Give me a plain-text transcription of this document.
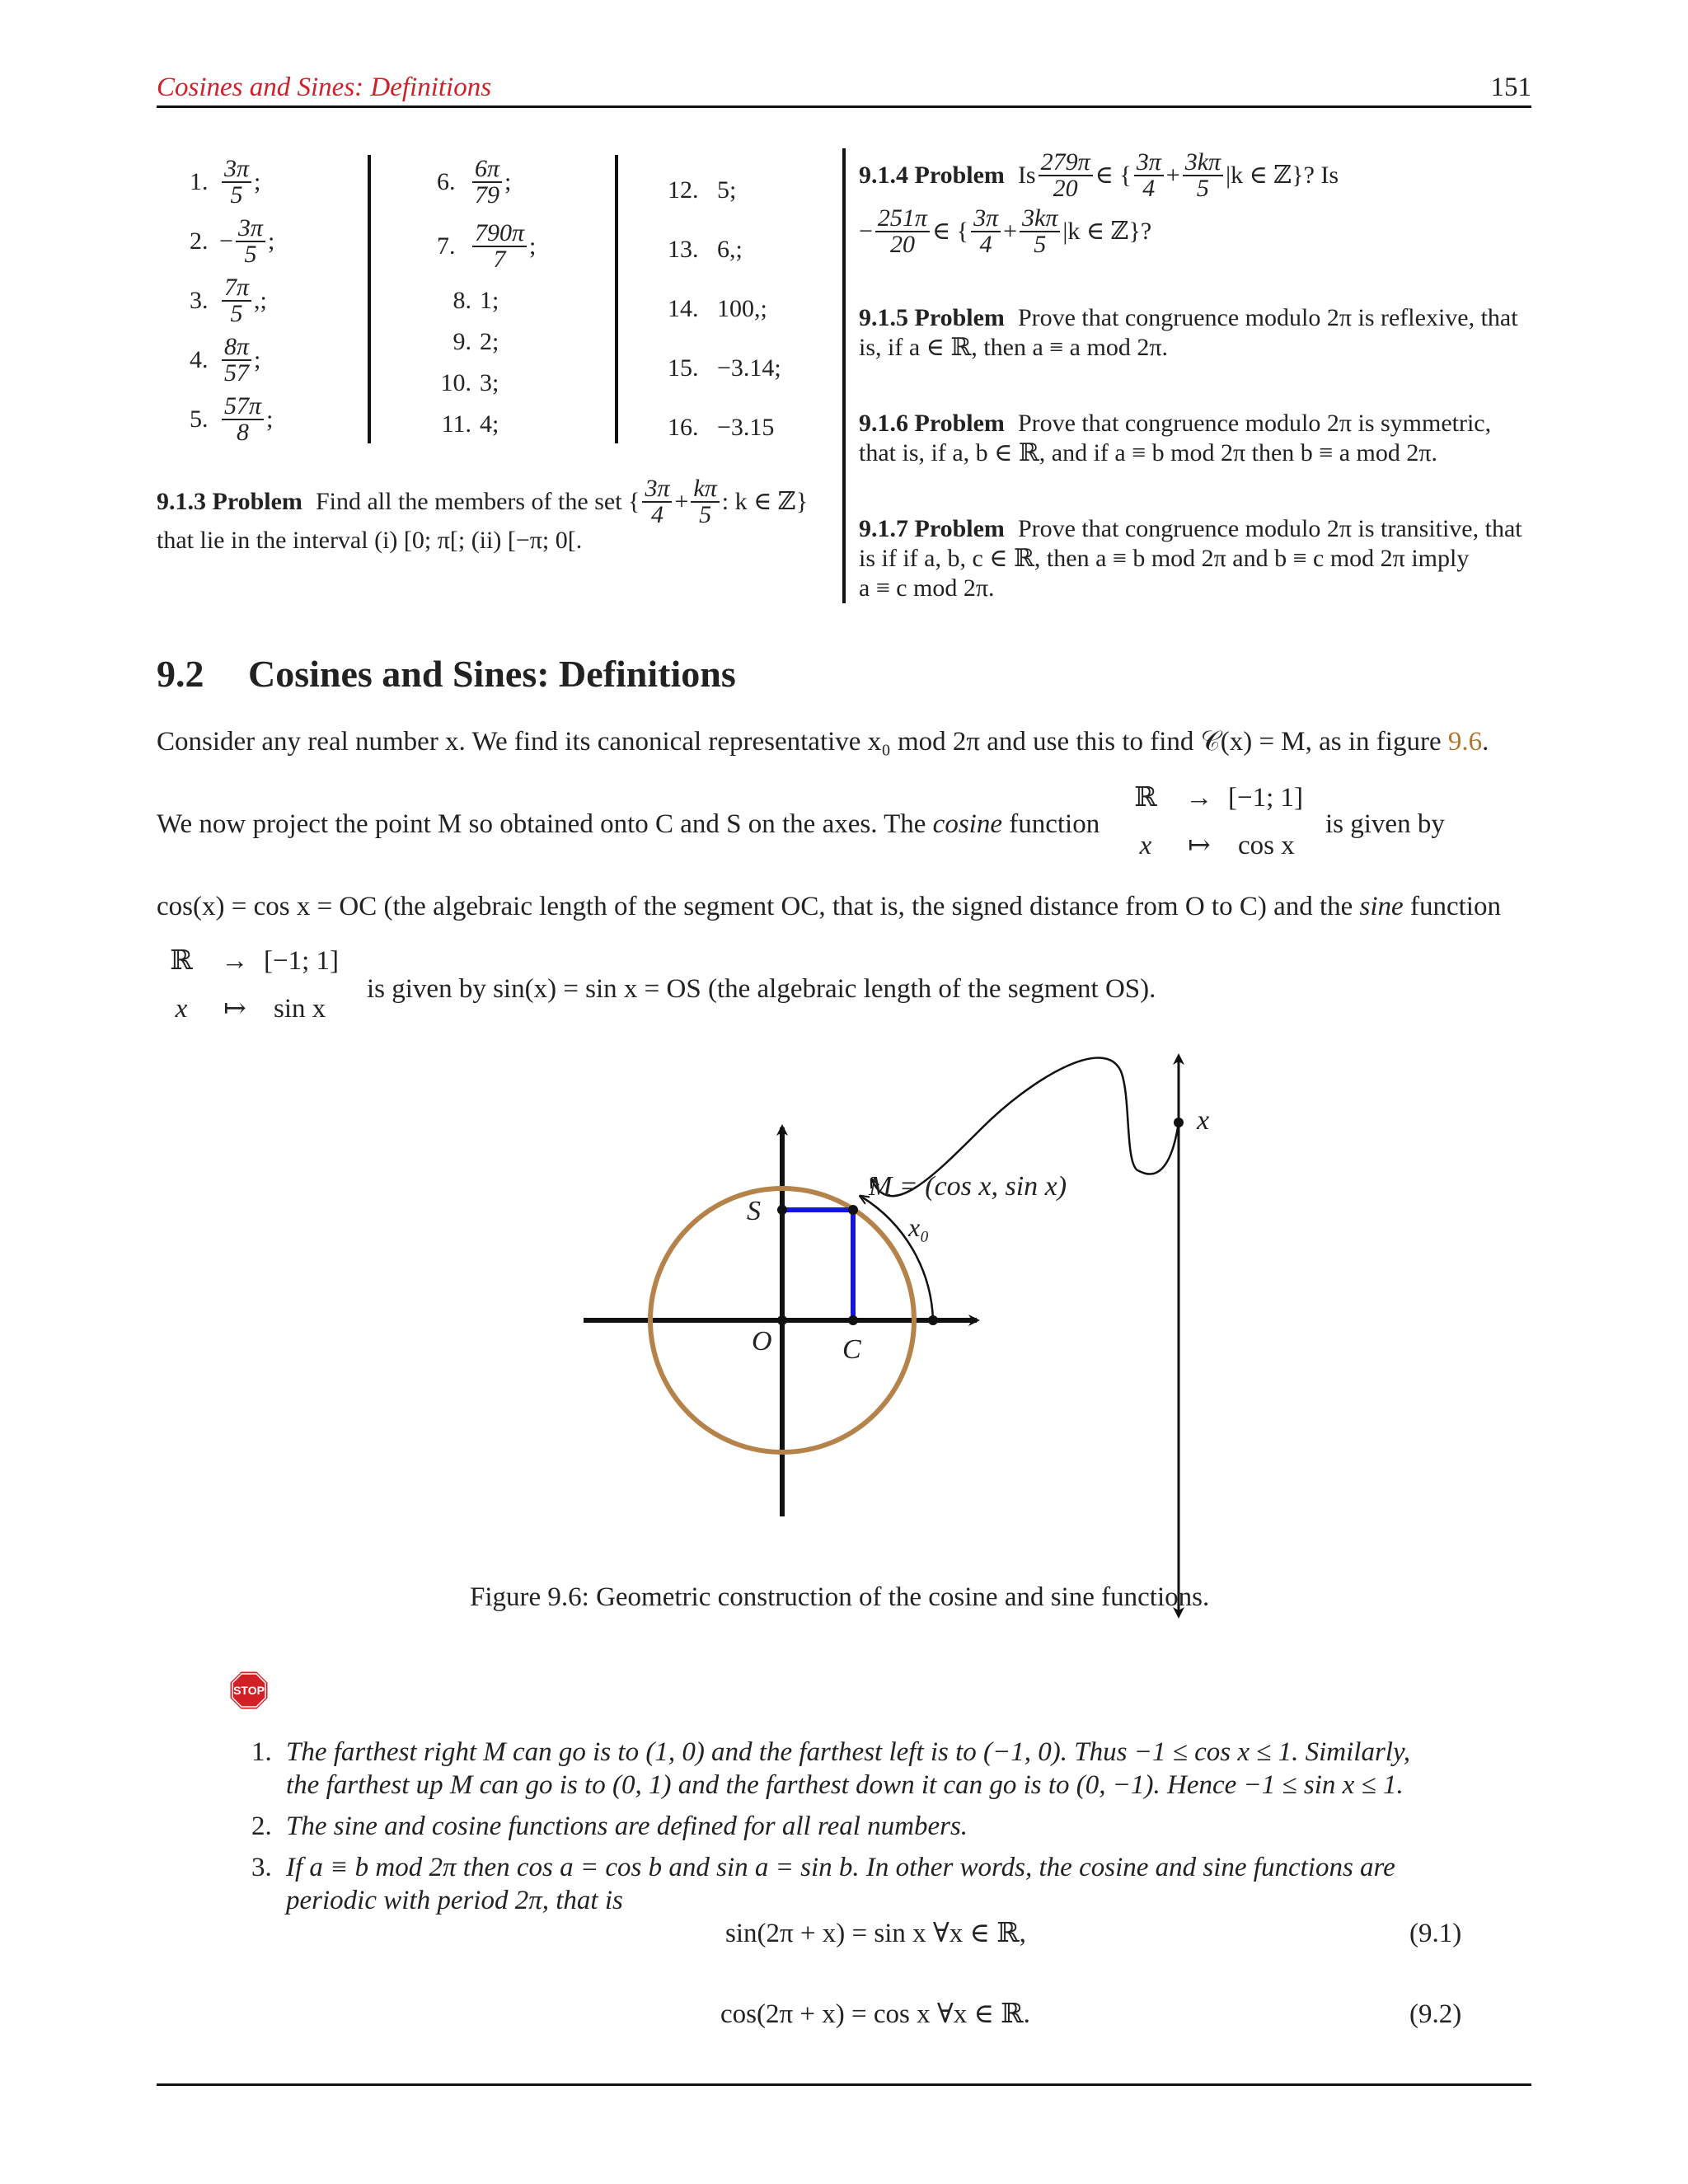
Cosines and Sines: Definitions	151
1. $\frac{3\pi}{5}$ ;
2. − $\frac{3\pi}{5}$ ;
3. $\frac{7\pi}{5}$ ,;
4. $\frac{8\pi}{57}$ ;
5. $\frac{57\pi}{8}$ ;
6. $\frac{6\pi}{79}$ ;
7. $\frac{790\pi}{7}$ ;
8. 1;
9. 2;
10. 3;
11. 4;
12. 5;
13. 6,;
14. 100,;
15. −3.14;
16. −3.15
9.1.3 Problem Find all the members of the set { $\frac{3\pi}{4} + \frac{k\pi}{5}$ : k ∈ ℤ}
that lie in the interval (i) [0; π[; (ii) [−π; 0[.
9.1.4 Problem Is $\frac{279\pi}{20}$ ∈ { $\frac{3\pi}{4} + \frac{3k\pi}{5} |k$ ∈ ℤ}? Is
− $\frac{251\pi}{20}$ ∈ { $\frac{3\pi}{4} + \frac{3k\pi}{5} |k$ ∈ ℤ}?
9.1.5 Problem Prove that congruence modulo 2π is reflexive, that
is, if a ∈ ℝ, then a ≡ a mod 2π.
9.1.6 Problem Prove that congruence modulo 2π is symmetric,
that is, if a, b ∈ ℝ, and if a ≡ b mod 2π then b ≡ a mod 2π.
9.1.7 Problem Prove that congruence modulo 2π is transitive, that
is if if a, b, c ∈ ℝ, then a ≡ b mod 2π and b ≡ c mod 2π imply
a ≡ c mod 2π.
9.2 Cosines and Sines: Definitions
Consider any real number x. We find its canonical representative x₀ mod 2π and use this to find 𝒞(x) = M, as in figure 9.6.
ℝ	→ [−1; 1]
x	↦	cos x
We now project the point M so obtained onto C and S on the axes. The cosine function	is given by
cos(x) = cos x = OC (the algebraic length of the segment OC, that is, the signed distance from O to C) and the sine function
ℝ	→ [−1; 1]
x	↦	sin x
is given by sin(x) = sin x = OS (the algebraic length of the segment OS).
S
O	C
M = (cos x, sin x)
x₀
x
Figure 9.6: Geometric construction of the cosine and sine functions.
STOP
1. The farthest right M can go is to (1, 0) and the farthest left is to (−1, 0). Thus −1 ≤ cos x ≤ 1. Similarly,
the farthest up M can go is to (0, 1) and the farthest down it can go is to (0, −1). Hence −1 ≤ sin x ≤ 1.
2. The sine and cosine functions are defined for all real numbers.
3. If a ≡ b mod 2π then cos a = cos b and sin a = sin b. In other words, the cosine and sine functions are
periodic with period 2π, that is
sin(2π + x) = sin x ∀x ∈ ℝ,	(9.1)
cos(2π + x) = cos x ∀x ∈ ℝ.	(9.2)
